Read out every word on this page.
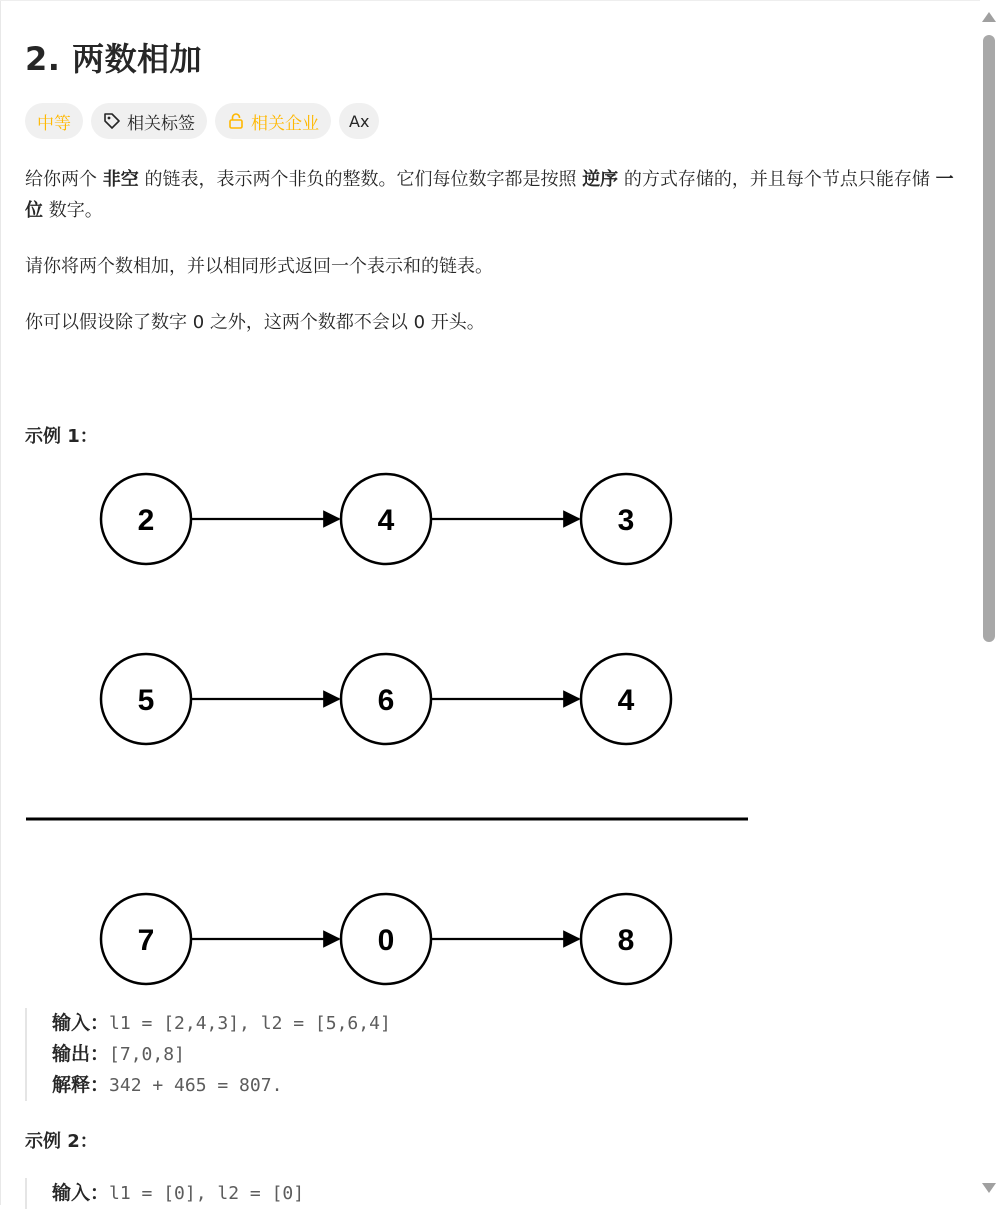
2. 两数相加
中等	相关标签	相关企业	Ax

给你两个 非空 的链表，表示两个非负的整数。它们每位数字都是按照 逆序 的方式存储的，并且每个节点只能存储 一位 数字。

请你将两个数相加，并以相同形式返回一个表示和的链表。

你可以假设除了数字 0 之外，这两个数都不会以 0 开头。

示例 1：

2	4	3
5	6	4
7	0	8
输入：l1 = [2,4,3], l2 = [5,6,4]
输出：[7,0,8]
解释：342 + 465 = 807.

示例 2：

输入：l1 = [0], l2 = [0]
